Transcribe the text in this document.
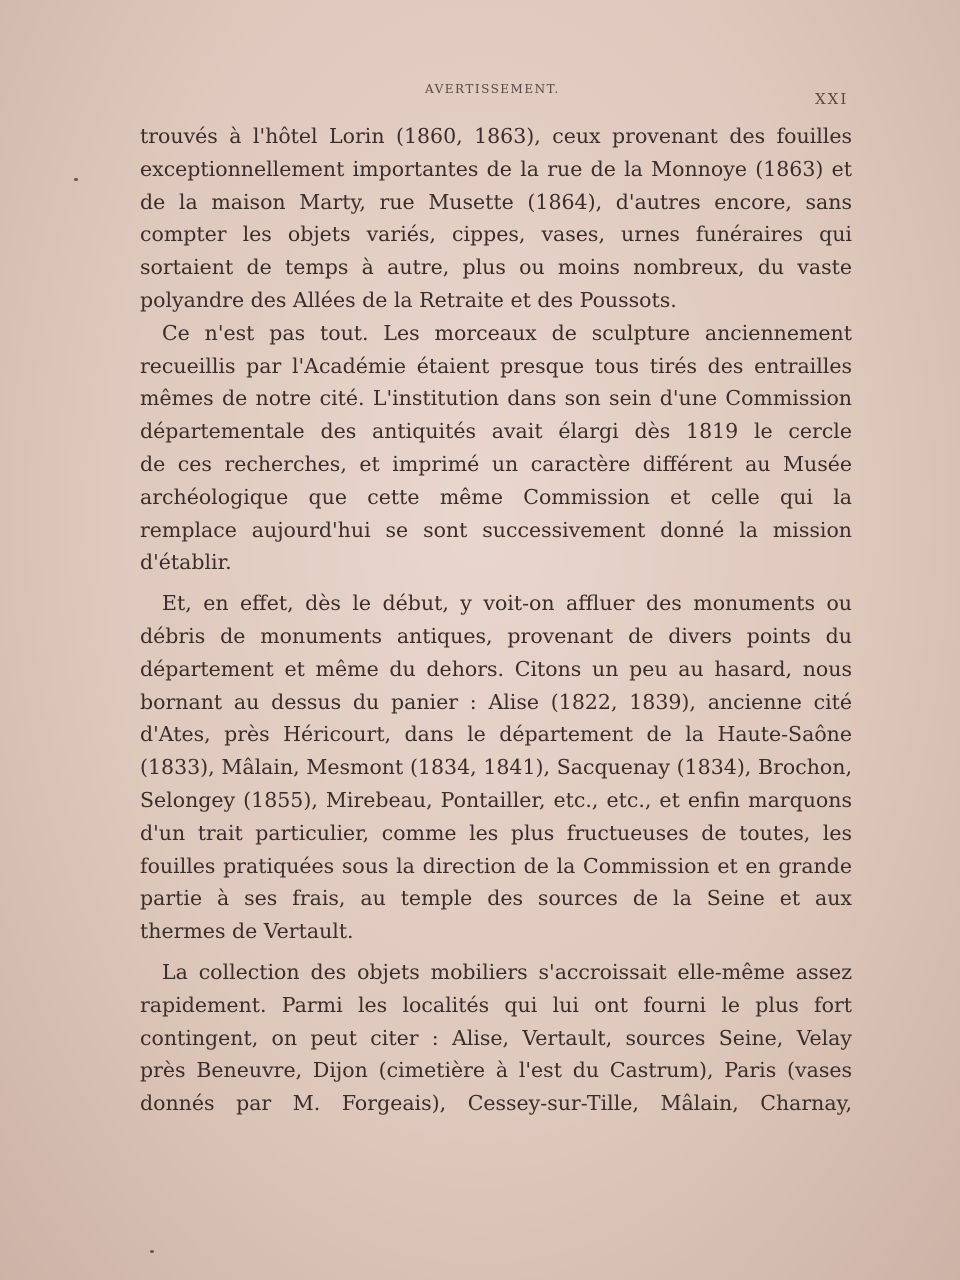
AVERTISSEMENT.
XXI
trouvés à l'hôtel Lorin (1860, 1863), ceux provenant des fouilles
exceptionnellement importantes de la rue de la Monnoye (1863) et
de la maison Marty, rue Musette (1864), d'autres encore, sans
compter les objets variés, cippes, vases, urnes funéraires qui
sortaient de temps à autre, plus ou moins nombreux, du vaste
polyandre des Allées de la Retraite et des Poussots.
Ce n'est pas tout. Les morceaux de sculpture anciennement
recueillis par l'Académie étaient presque tous tirés des entrailles
mêmes de notre cité. L'institution dans son sein d'une Commission
départementale des antiquités avait élargi dès 1819 le cercle
de ces recherches, et imprimé un caractère différent au Musée
archéologique que cette même Commission et celle qui la
remplace aujourd'hui se sont successivement donné la mission
d'établir.
Et, en effet, dès le début, y voit-on affluer des monuments ou
débris de monuments antiques, provenant de divers points du
département et même du dehors. Citons un peu au hasard, nous
bornant au dessus du panier : Alise (1822, 1839), ancienne cité
d'Ates, près Héricourt, dans le département de la Haute-Saône
(1833), Mâlain, Mesmont (1834, 1841), Sacquenay (1834), Brochon,
Selongey (1855), Mirebeau, Pontailler, etc., etc., et enfin marquons
d'un trait particulier, comme les plus fructueuses de toutes, les
fouilles pratiquées sous la direction de la Commission et en grande
partie à ses frais, au temple des sources de la Seine et aux
thermes de Vertault.
La collection des objets mobiliers s'accroissait elle-même assez
rapidement. Parmi les localités qui lui ont fourni le plus fort
contingent, on peut citer : Alise, Vertault, sources Seine, Velay
près Beneuvre, Dijon (cimetière à l'est du Castrum), Paris (vases
donnés par M. Forgeais), Cessey-sur-Tille, Mâlain, Charnay,
